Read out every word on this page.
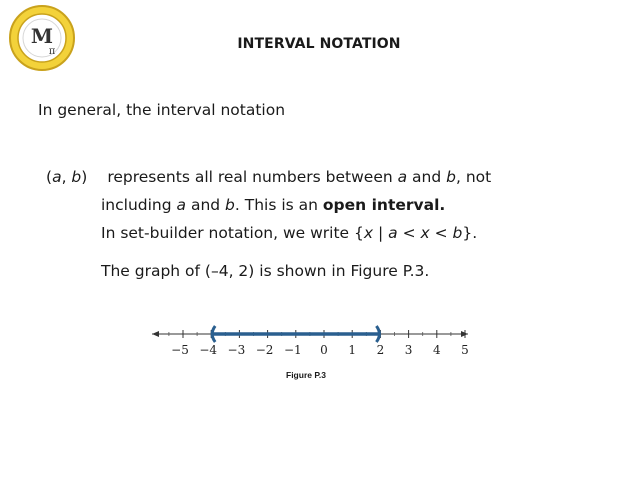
M
π	INTERVAL NOTATION
In general, the interval notation
(a, b) represents all real numbers between a and b, not
including a and b. This is an open interval.
In set-builder notation, we write {x | a < x < b}.
The graph of (–4, 2) is shown in Figure P.3.
−5 −4 −3 −2 −1 0 1 2 3 4 5
Figure P.3
